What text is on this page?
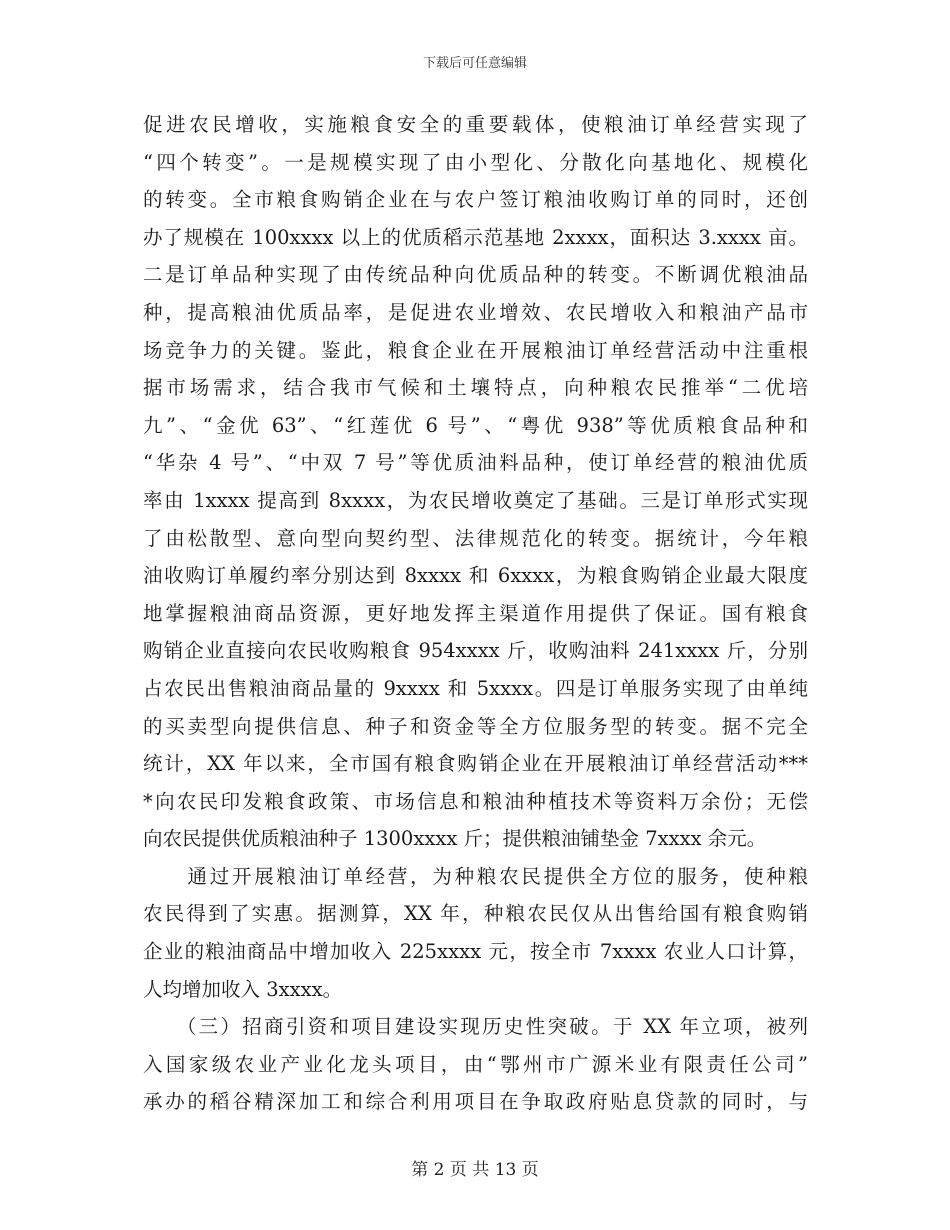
下载后可任意编辑
促进农民增收，实施粮食安全的重要载体，使粮油订单经营实现了
“四个转变”。一是规模实现了由小型化、分散化向基地化、规模化
的转变。全市粮食购销企业在与农户签订粮油收购订单的同时，还创
办了规模在 100xxxx 以上的优质稻示范基地 2xxxx，面积达 3.xxxx 亩。
二是订单品种实现了由传统品种向优质品种的转变。不断调优粮油品
种，提高粮油优质品率，是促进农业增效、农民增收入和粮油产品市
场竞争力的关键。鉴此，粮食企业在开展粮油订单经营活动中注重根
据市场需求，结合我市气候和土壤特点，向种粮农民推举“二优培
九”、“金优 63”、“红莲优 6 号”、“粤优 938”等优质粮食品种和
“华杂 4 号”、“中双 7 号”等优质油料品种，使订单经营的粮油优质
率由 1xxxx 提高到 8xxxx，为农民增收奠定了基础。三是订单形式实现
了由松散型、意向型向契约型、法律规范化的转变。据统计，今年粮
油收购订单履约率分别达到 8xxxx 和 6xxxx，为粮食购销企业最大限度
地掌握粮油商品资源，更好地发挥主渠道作用提供了保证。国有粮食
购销企业直接向农民收购粮食 954xxxx 斤，收购油料 241xxxx 斤，分别
占农民出售粮油商品量的 9xxxx 和 5xxxx。四是订单服务实现了由单纯
的买卖型向提供信息、种子和资金等全方位服务型的转变。据不完全
统计，XX 年以来，全市国有粮食购销企业在开展粮油订单经营活动***
*向农民印发粮食政策、市场信息和粮油种植技术等资料万余份；无偿
向农民提供优质粮油种子 1300xxxx 斤；提供粮油铺垫金 7xxxx 余元。
　　通过开展粮油订单经营，为种粮农民提供全方位的服务，使种粮
农民得到了实惠。据测算，XX 年，种粮农民仅从出售给国有粮食购销
企业的粮油商品中增加收入 225xxxx 元，按全市 7xxxx 农业人口计算，
人均增加收入 3xxxx。
　　（三）招商引资和项目建设实现历史性突破。于 XX 年立项，被列
入国家级农业产业化龙头项目，由“鄂州市广源米业有限责任公司”
承办的稻谷精深加工和综合利用项目在争取政府贴息贷款的同时，与
第 2 页 共 13 页
